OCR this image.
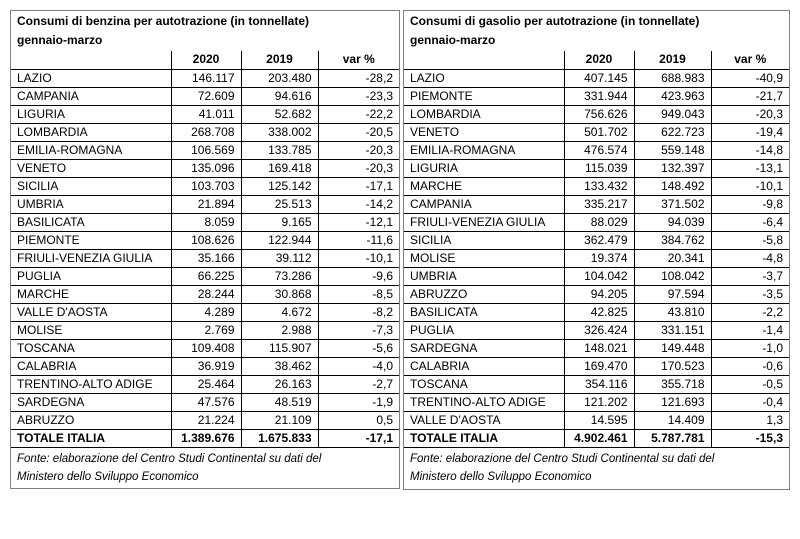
Consumi di benzina per autotrazione (in tonnellate)
gennaio-marzo
	2020	2019	var %
LAZIO	146.117	203.480	-28,2
CAMPANIA	72.609	94.616	-23,3
LIGURIA	41.011	52.682	-22,2
LOMBARDIA	268.708	338.002	-20,5
EMILIA-ROMAGNA	106.569	133.785	-20,3
VENETO	135.096	169.418	-20,3
SICILIA	103.703	125.142	-17,1
UMBRIA	21.894	25.513	-14,2
BASILICATA	8.059	9.165	-12,1
PIEMONTE	108.626	122.944	-11,6
FRIULI-VENEZIA GIULIA	35.166	39.112	-10,1
PUGLIA	66.225	73.286	-9,6
MARCHE	28.244	30.868	-8,5
VALLE D'AOSTA	4.289	4.672	-8,2
MOLISE	2.769	2.988	-7,3
TOSCANA	109.408	115.907	-5,6
CALABRIA	36.919	38.462	-4,0
TRENTINO-ALTO ADIGE	25.464	26.163	-2,7
SARDEGNA	47.576	48.519	-1,9
ABRUZZO	21.224	21.109	0,5
TOTALE ITALIA	1.389.676	1.675.833	-17,1
Fonte: elaborazione del Centro Studi Continental su dati del
Ministero dello Sviluppo Economico
Consumi di gasolio per autotrazione (in tonnellate)
gennaio-marzo
	2020	2019	var %
LAZIO	407.145	688.983	-40,9
PIEMONTE	331.944	423.963	-21,7
LOMBARDIA	756.626	949.043	-20,3
VENETO	501.702	622.723	-19,4
EMILIA-ROMAGNA	476.574	559.148	-14,8
LIGURIA	115.039	132.397	-13,1
MARCHE	133.432	148.492	-10,1
CAMPANIA	335.217	371.502	-9,8
FRIULI-VENEZIA GIULIA	88.029	94.039	-6,4
SICILIA	362.479	384.762	-5,8
MOLISE	19.374	20.341	-4,8
UMBRIA	104.042	108.042	-3,7
ABRUZZO	94.205	97.594	-3,5
BASILICATA	42.825	43.810	-2,2
PUGLIA	326.424	331.151	-1,4
SARDEGNA	148.021	149.448	-1,0
CALABRIA	169.470	170.523	-0,6
TOSCANA	354.116	355.718	-0,5
TRENTINO-ALTO ADIGE	121.202	121.693	-0,4
VALLE D'AOSTA	14.595	14.409	1,3
TOTALE ITALIA	4.902.461	5.787.781	-15,3
Fonte: elaborazione del Centro Studi Continental su dati del
Ministero dello Sviluppo Economico
